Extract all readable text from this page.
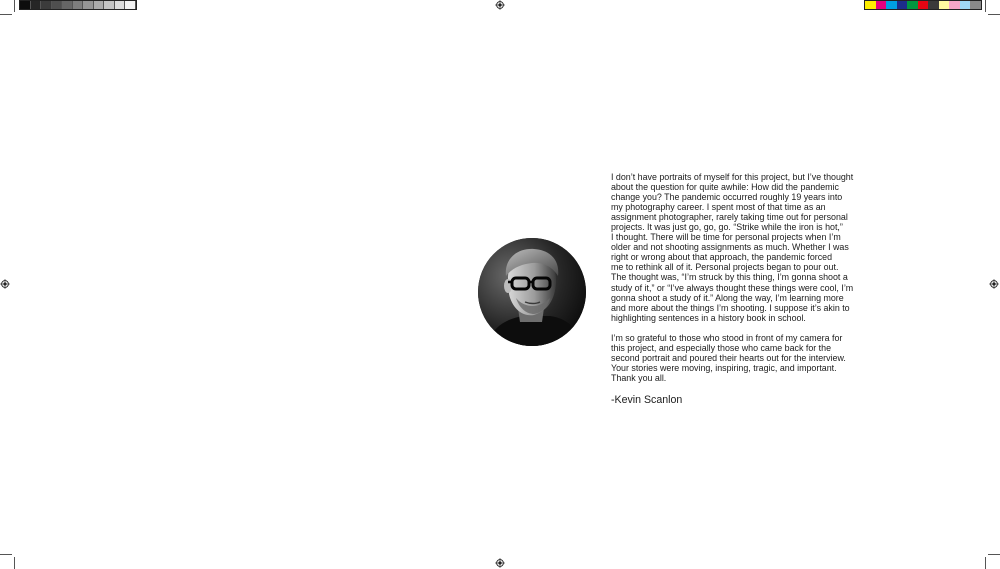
I don’t have portraits of myself for this project, but I’ve thought
about the question for quite awhile: How did the pandemic
change you? The pandemic occurred roughly 19 years into
my photography career. I spent most of that time as an
assignment photographer, rarely taking time out for personal
projects. It was just go, go, go. “Strike while the iron is hot,”
I thought. There will be time for personal projects when I’m
older and not shooting assignments as much. Whether I was
right or wrong about that approach, the pandemic forced
me to rethink all of it. Personal projects began to pour out.
The thought was, “I’m struck by this thing, I’m gonna shoot a
study of it,” or “I’ve always thought these things were cool, I’m
gonna shoot a study of it.” Along the way, I’m learning more
and more about the things I’m shooting. I suppose it’s akin to
highlighting sentences in a history book in school.

I’m so grateful to those who stood in front of my camera for
this project, and especially those who came back for the
second portrait and poured their hearts out for the interview.
Your stories were moving, inspiring, tragic, and important.
Thank you all.

-Kevin Scanlon
